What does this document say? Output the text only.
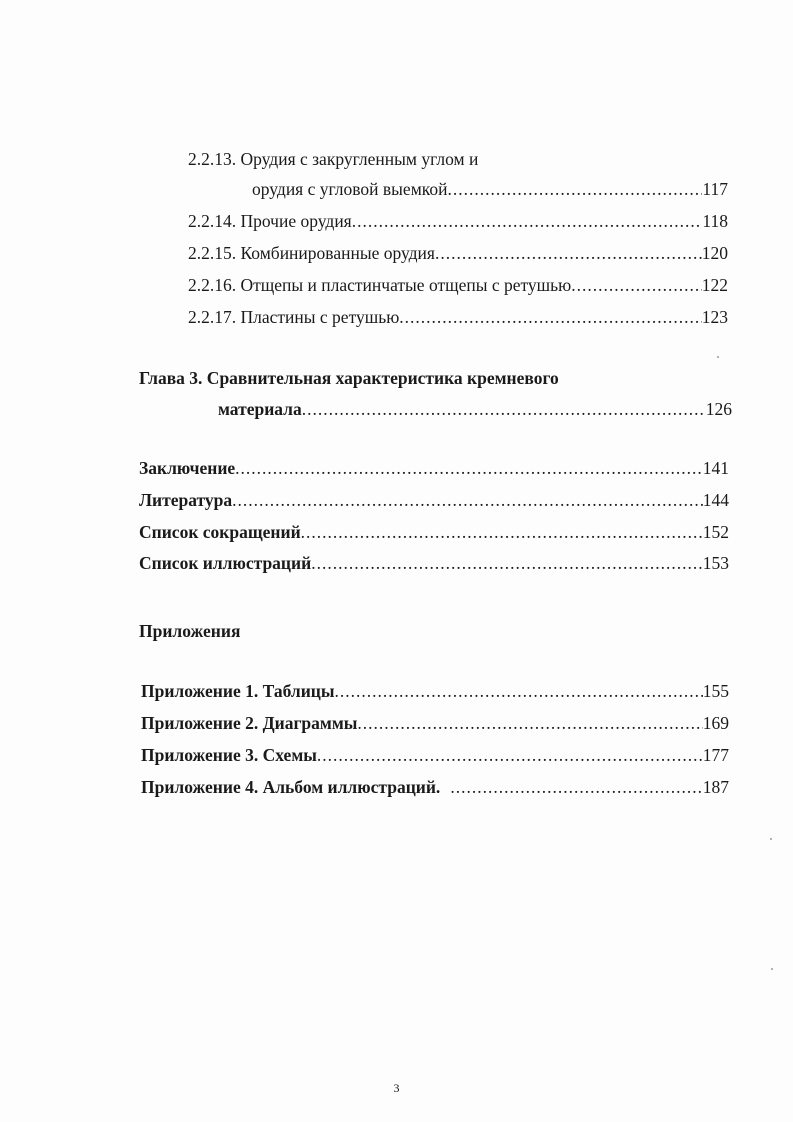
2.2.13. Орудия с закругленным углом и
орудия с угловой выемкой .....	117
2.2.14. Прочие орудия .....	118
2.2.15. Комбинированные орудия .....	120
2.2.16. Отщепы и пластинчатые отщепы с ретушью .....	122
2.2.17. Пластины с ретушью .....	123
Глава 3. Сравнительная характеристика кремневого
материала .....	126
Заключение .....	141
Литература .....	144
Список сокращений .....	152
Список иллюстраций .....	153
Приложения
Приложение 1. Таблицы .....	155
Приложение 2. Диаграммы .....	169
Приложение 3. Схемы .....	177
Приложение 4. Альбом иллюстраций. .....	187
3
